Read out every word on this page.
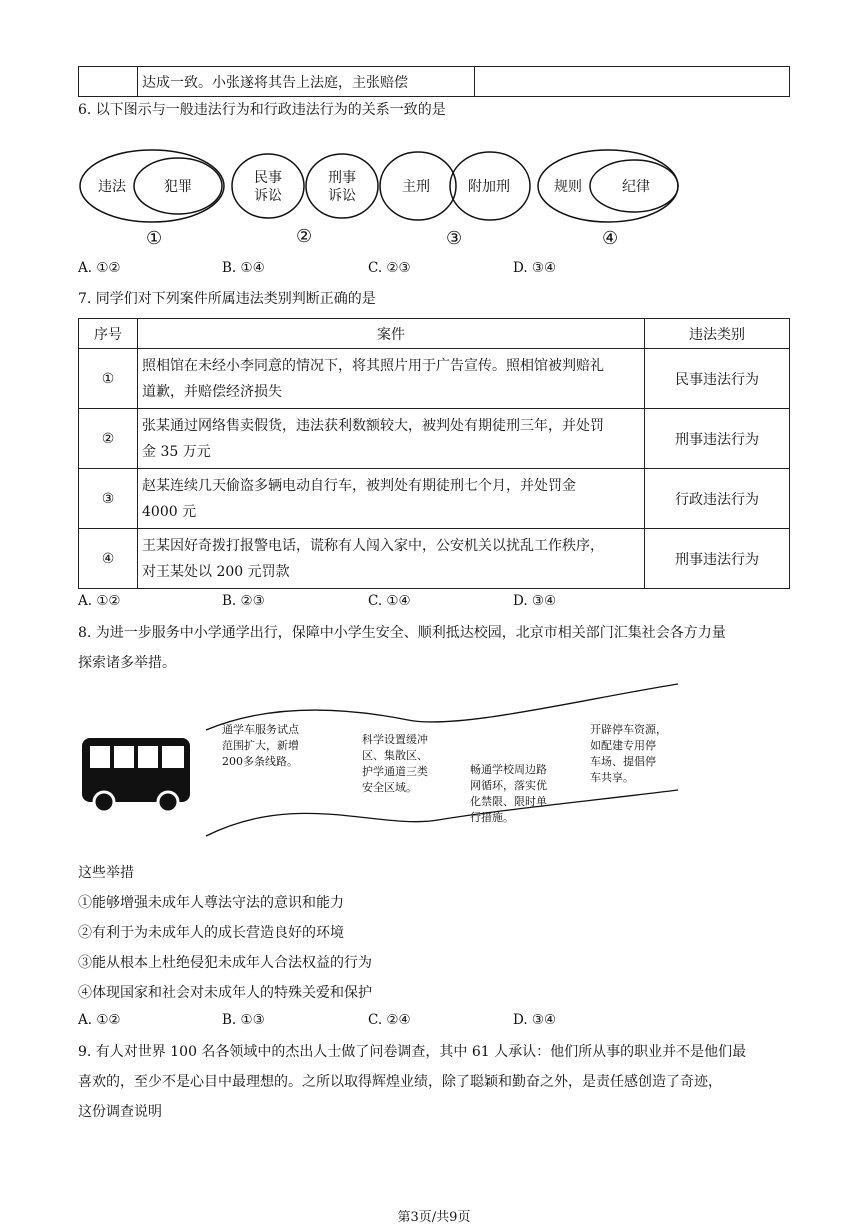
	达成一致。小张遂将其告上法庭，主张赔偿	
6. 以下图示与一般违法行为和行政违法行为的关系一致的是
违法	犯罪
①
民事
诉讼
刑事
诉讼
②
主刑	附加刑
③
规则	纪律
④
A. ①②	B. ①④	C. ②③	D. ③④
7. 同学们对下列案件所属违法类别判断正确的是
序号	案件	违法类别
①	照相馆在未经小李同意的情况下，将其照片用于广告宣传。照相馆被判赔礼
道歉，并赔偿经济损失	民事违法行为
②	张某通过网络售卖假货，违法获利数额较大，被判处有期徒刑三年，并处罚
金 35 万元	刑事违法行为
③	赵某连续几天偷盗多辆电动自行车，被判处有期徒刑七个月，并处罚金
4000 元	行政违法行为
④	王某因好奇拨打报警电话，谎称有人闯入家中，公安机关以扰乱工作秩序，
对王某处以 200 元罚款	刑事违法行为
A. ①②	B. ②③	C. ①④	D. ③④
8. 为进一步服务中小学通学出行，保障中小学生安全、顺利抵达校园，北京市相关部门汇集社会各方力量
探索诸多举措。
通学车服务试点
范围扩大，新增
200多条线路。
科学设置缓冲
区、集散区、
护学通道三类
安全区域。
畅通学校周边路
网循环，落实优
化禁限、限时单
行措施。
开辟停车资源，
如配建专用停
车场、提倡停
车共享。
这些举措
①能够增强未成年人尊法守法的意识和能力
②有利于为未成年人的成长营造良好的环境
③能从根本上杜绝侵犯未成年人合法权益的行为
④体现国家和社会对未成年人的特殊关爱和保护
A. ①②	B. ①③	C. ②④	D. ③④
9. 有人对世界 100 名各领域中的杰出人士做了问卷调查，其中 61 人承认：他们所从事的职业并不是他们最
喜欢的，至少不是心目中最理想的。之所以取得辉煌业绩，除了聪颖和勤奋之外，是责任感创造了奇迹，
这份调查说明
第3页/共9页
